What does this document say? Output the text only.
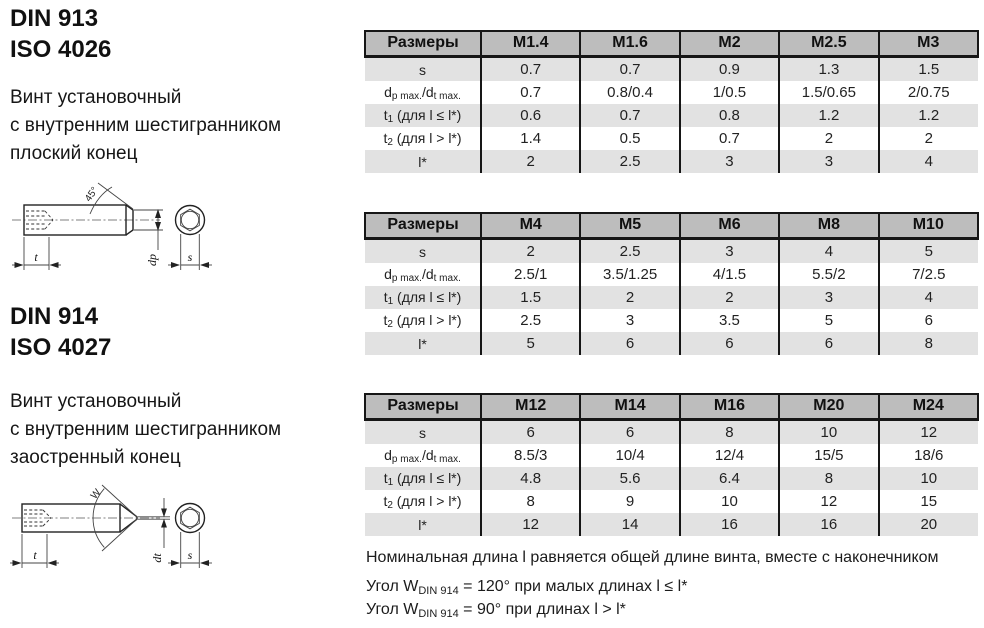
DIN 913
ISO 4026
Винт установочный
с внутренним шестигранником
плоский конец
45°
dp
t	s
DIN 914
ISO 4027
Винт установочный
с внутренним шестигранником
заостренный конец
W
dt
t	s
Размеры	M1.4	M1.6	M2	M2.5	M3
s	0.7	0.7	0.9	1.3	1.5
dp max./dt max.	0.7	0.8/0.4	1/0.5	1.5/0.65	2/0.75
t1 (для l ≤ l*)	0.6	0.7	0.8	1.2	1.2
t2 (для l > l*)	1.4	0.5	0.7	2	2
l*	2	2.5	3	3	4
Размеры	M4	M5	M6	M8	M10
s	2	2.5	3	4	5
dp max./dt max.	2.5/1	3.5/1.25	4/1.5	5.5/2	7/2.5
t1 (для l ≤ l*)	1.5	2	2	3	4
t2 (для l > l*)	2.5	3	3.5	5	6
l*	5	6	6	6	8
Размеры	M12	M14	M16	M20	M24
s	6	6	8	10	12
dp max./dt max.	8.5/3	10/4	12/4	15/5	18/6
t1 (для l ≤ l*)	4.8	5.6	6.4	8	10
t2 (для l > l*)	8	9	10	12	15
l*	12	14	16	16	20
Номинальная длина l равняется общей длине винта, вместе с наконечником
Угол WDIN 914 = 120° при малых длинах l ≤ l*
Угол WDIN 914 = 90° при длинах l > l*
